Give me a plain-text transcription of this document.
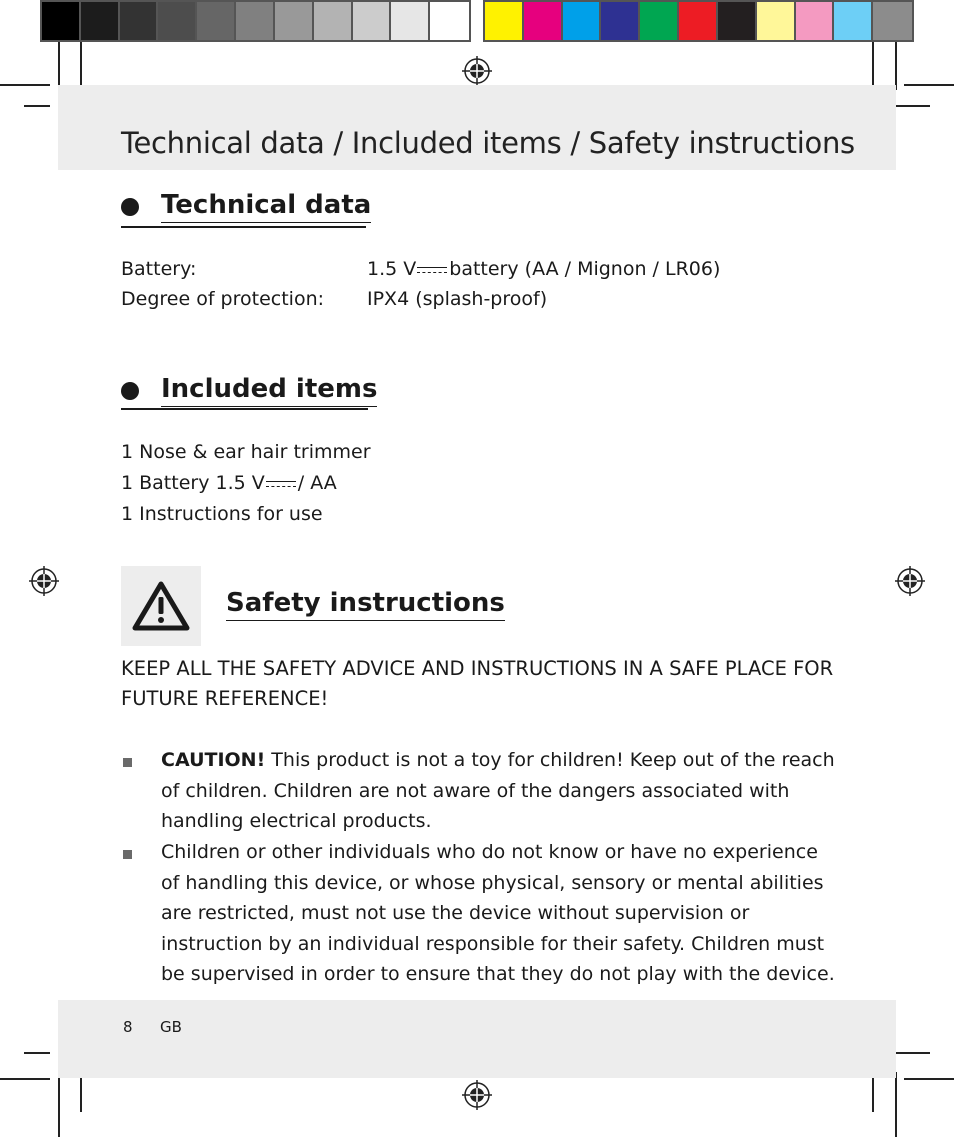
Technical data / Included items / Safety instructions
Technical data
Battery:	1.5 V battery (AA / Mignon / LR06)
Degree of protection: IPX4 (splash-proof)
Included items
1 Nose & ear hair trimmer
1 Battery 1.5 V / AA
1 Instructions for use
Safety instructions
KEEP ALL THE SAFETY ADVICE AND INSTRUCTIONS IN A SAFE PLACE FOR FUTURE REFERENCE!
CAUTION! This product is not a toy for children! Keep out of the reach of children. Children are not aware of the dangers associated with handling electrical products.
Children or other individuals who do not know or have no experience of handling this device, or whose physical, sensory or mental abilities are restricted, must not use the device without supervision or instruction by an individual responsible for their safety. Children must be supervised in order to ensure that they do not play with the device.
8 GB
